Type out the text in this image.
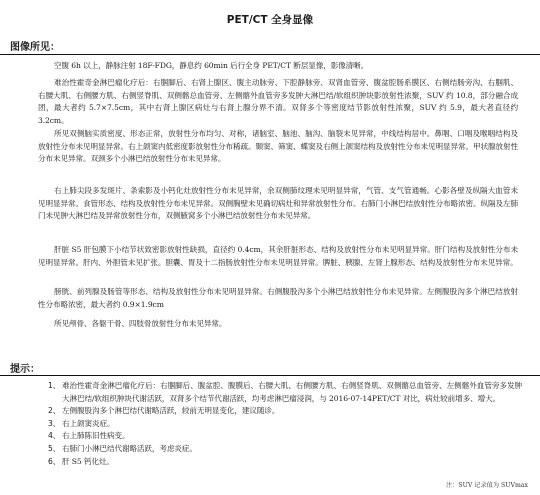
PET/CT 全身显像
图像所见：
空腹 6h 以上，静脉注射 18F-FDG，静息约 60min 后行全身 PET/CT 断层显像，影像清晰。
难治性霍奇金淋巴瘤化疗后：右腘脚后、右肾上腺区、腹主动脉旁、下腔静脉旁、双肾血管旁、腹盆腔肠系膜区、右侧结肠旁沟、右腘肌、右腰大肌、右侧腰方肌、右侧竖脊肌、双侧髂总血管旁、左侧髂外血管旁多发肿大淋巴结/软组织肿块影放射性浓聚，SUV 约 10.8，部分融合成团，最大者约 5.7×7.5cm，其中右肾上腺区病灶与右肾上腺分界不清。双肾多个等密度结节影放射性浓聚，SUV 约 5.9，最大者直径约 3.2cm。
所见双侧脑实质密度、形态正常，放射性分布均匀、对称，诸脑室、脑池、脑沟、脑裂未见异常，中线结构居中。鼻咽、口咽及喉咽结构及放射性分布未见明显异常。右上颌窦内低密度影放射性分布稀疏。颞窦、筛窦、蝶窦及右侧上颌窦结构及放射性分布未见明显异常。甲状腺放射性分布未见异常。双颈多个小淋巴结放射性分布未见异常。
右上肺尖段多发斑片、条索影及小钙化灶放射性分布未见异常，余双侧肺纹理未见明显异常，气管、支气管通畅。心影各壁及纵隔大血管未见明显异常。食管形态、结构及放射性分布未见异常。双侧胸壁未见确切病灶和异常放射性分布。右肺门小淋巴结放射性分布略浓密。纵隔及左肺门未见肿大淋巴结及异常放射性分布，双侧腋窝多个小淋巴结放射性分布未见异常。
肝脏 S5 肝包膜下小结节状致密影放射性缺损，直径约 0.4cm，其余肝脏形态、结构及放射性分布未见明显异常。肝门结构及放射性分布未见明显异常。肝内、外胆管未见扩张。胆囊、胃及十二指肠放射性分布未见明显异常。脾脏、胰腺、左肾上腺形态、结构及放射性分布未见异常。
膀胱、前列腺及肠管等形态、结构及放射性分布未见明显异常。右侧腹股沟多个小淋巴结放射性分布未见异常。左侧腹股沟多个淋巴结放射性分布略浓密，最大者约 0.9×1.9cm
所见颅骨、各躯干骨、四肢骨放射性分布未见异常。
提示：
1、 难治性霍奇金淋巴瘤化疗后：右腘脚后、腹盆腔、腹膜后、右腰大肌、右侧腰方肌、右侧竖脊肌、双侧髂总血管旁、左侧髂外血管旁多发肿大淋巴结/软组织肿块代谢活跃，双肾多个结节代谢活跃，均考虑淋巴瘤浸润，与 2016-07-14PET/CT 对比，病灶较前增多、增大。
2、 左侧腹股沟多个淋巴结代谢略活跃，较前无明显变化，建议随诊。
3、 右上颌窦炎症。
4、 右上肺陈旧性病变。
5、 右肺门小淋巴结代谢略活跃，考虑炎症。
6、 肝 S5 钙化灶。
注：SUV 记录值为 SUVmax
